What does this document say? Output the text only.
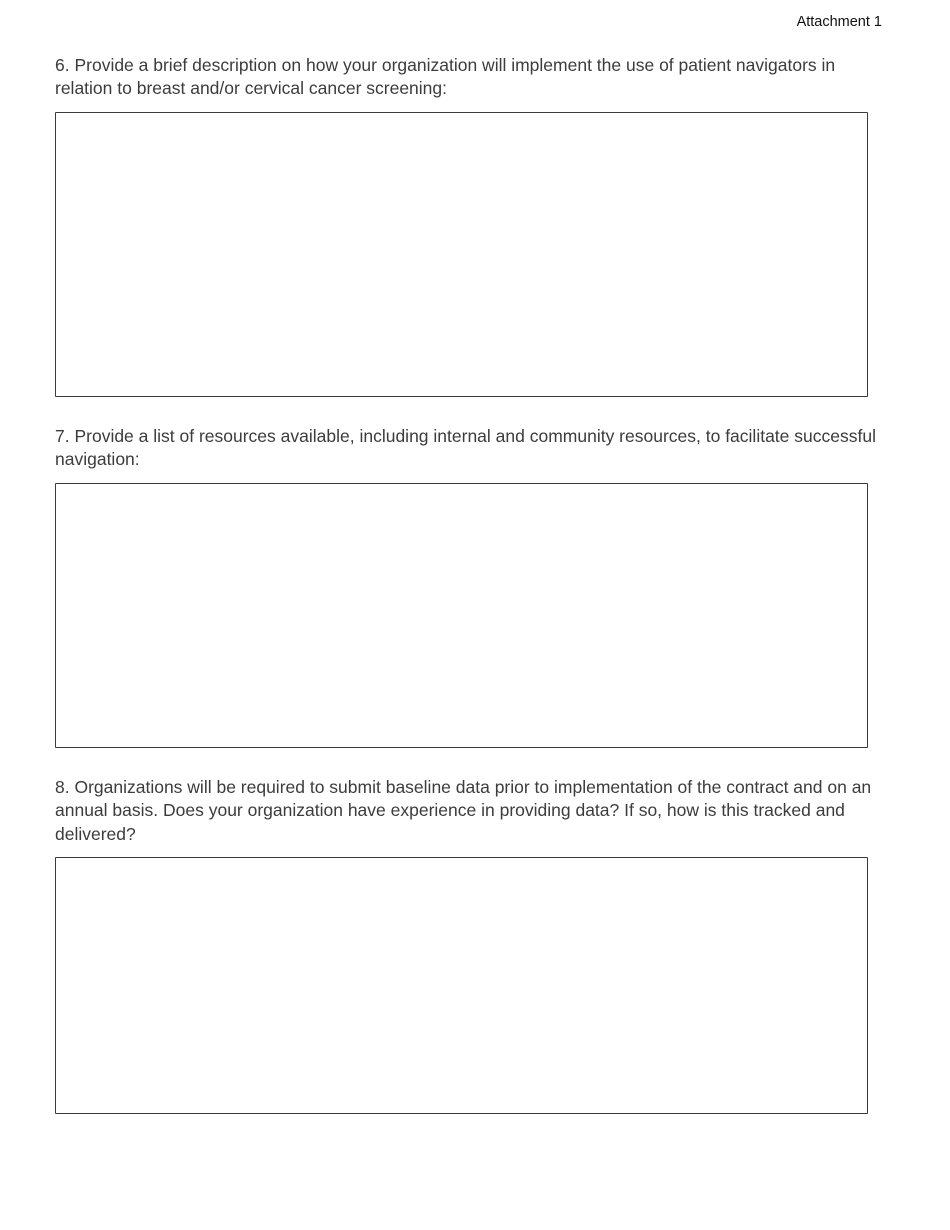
Attachment 1

6. Provide a brief description on how your organization will implement the use of patient navigators in relation to breast and/or cervical cancer screening:

7. Provide a list of resources available, including internal and community resources, to facilitate successful navigation:

8. Organizations will be required to submit baseline data prior to implementation of the contract and on an annual basis. Does your organization have experience in providing data? If so, how is this tracked and delivered?
